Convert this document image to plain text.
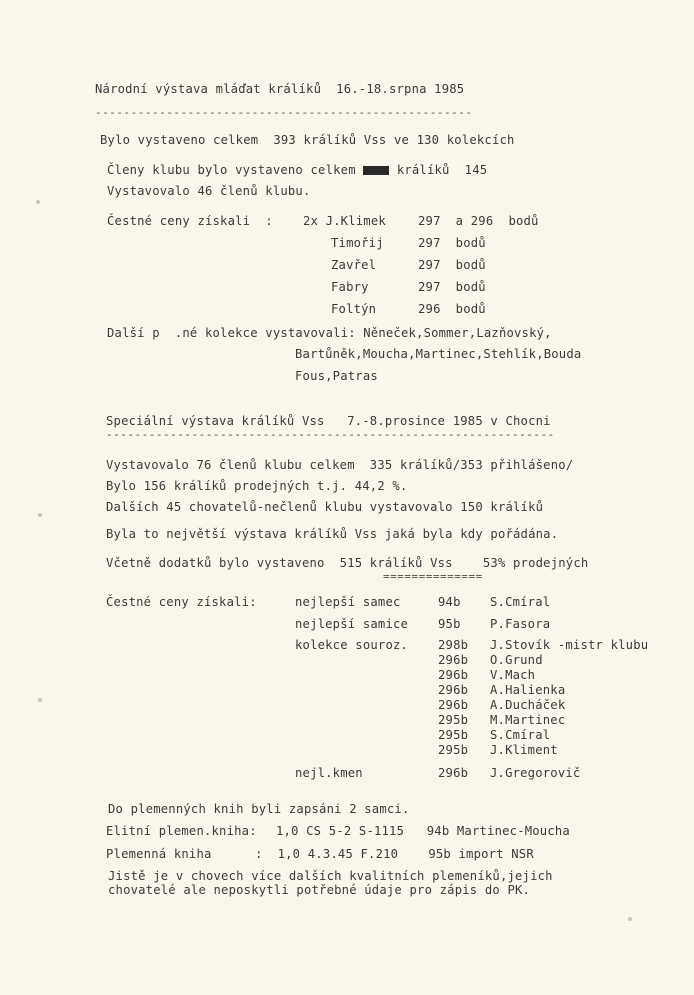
Národní výstava mláďat králíků  16.-18.srpna 1985
-----------------------------------------------------
Bylo vystaveno celkem  393 králíků Vss ve 130 kolekcích
Členy klubu bylo vystaveno celkem  králíků  145
Vystavovalo 46 členů klubu.
Čestné ceny získali  : 2x J.Klimek	297  a 296  bodů
Timořij	297  bodů
Zavřel	297  bodů
Fabry	297  bodů
Foltýn	296  bodů
Další p  .né kolekce vystavovali: Něneček,Sommer,Lazňovský,
Bartůněk,Moucha,Martinec,Stehlík,Bouda
Fous,Patras
Speciální výstava králíků Vss   7.-8.prosince 1985 v Chocni
---------------------------------------------------------------
Vystavovalo 76 členů klubu celkem  335 králíků/353 přihlášeno/
Bylo 156 králíků prodejných t.j. 44,2 %.
Dalších 45 chovatelů-nečlenů klubu vystavovalo 150 králíků
Byla to největší výstava králíků Vss jaká byla kdy pořádána.
Včetně dodatků bylo vystaveno  515 králíků Vss    53% prodejných
==============
Čestné ceny získali:	nejlepší samec	94b S.Cmíral
nejlepší samice 95b P.Fasora
kolekce souroz. 298b J.Stovík -mistr klubu
296b O.Grund
296b V.Mach
296b A.Halienka
296b A.Ducháček
295b M.Martinec
295b S.Cmíral
295b J.Kliment
nejl.kmen	296b J.Gregorovič
Do plemenných knih byli zapsáni 2 samci.
Elitní plemen.kniha: 1,0 CS 5-2 S-1115   94b Martinec-Moucha
Plemenná kniha	:  1,0 4.3.45 F.210    95b import NSR
Jistě je v chovech více dalších kvalitních plemeníků,jejich
chovatelé ale neposkytli potřebné údaje pro zápis do PK.
